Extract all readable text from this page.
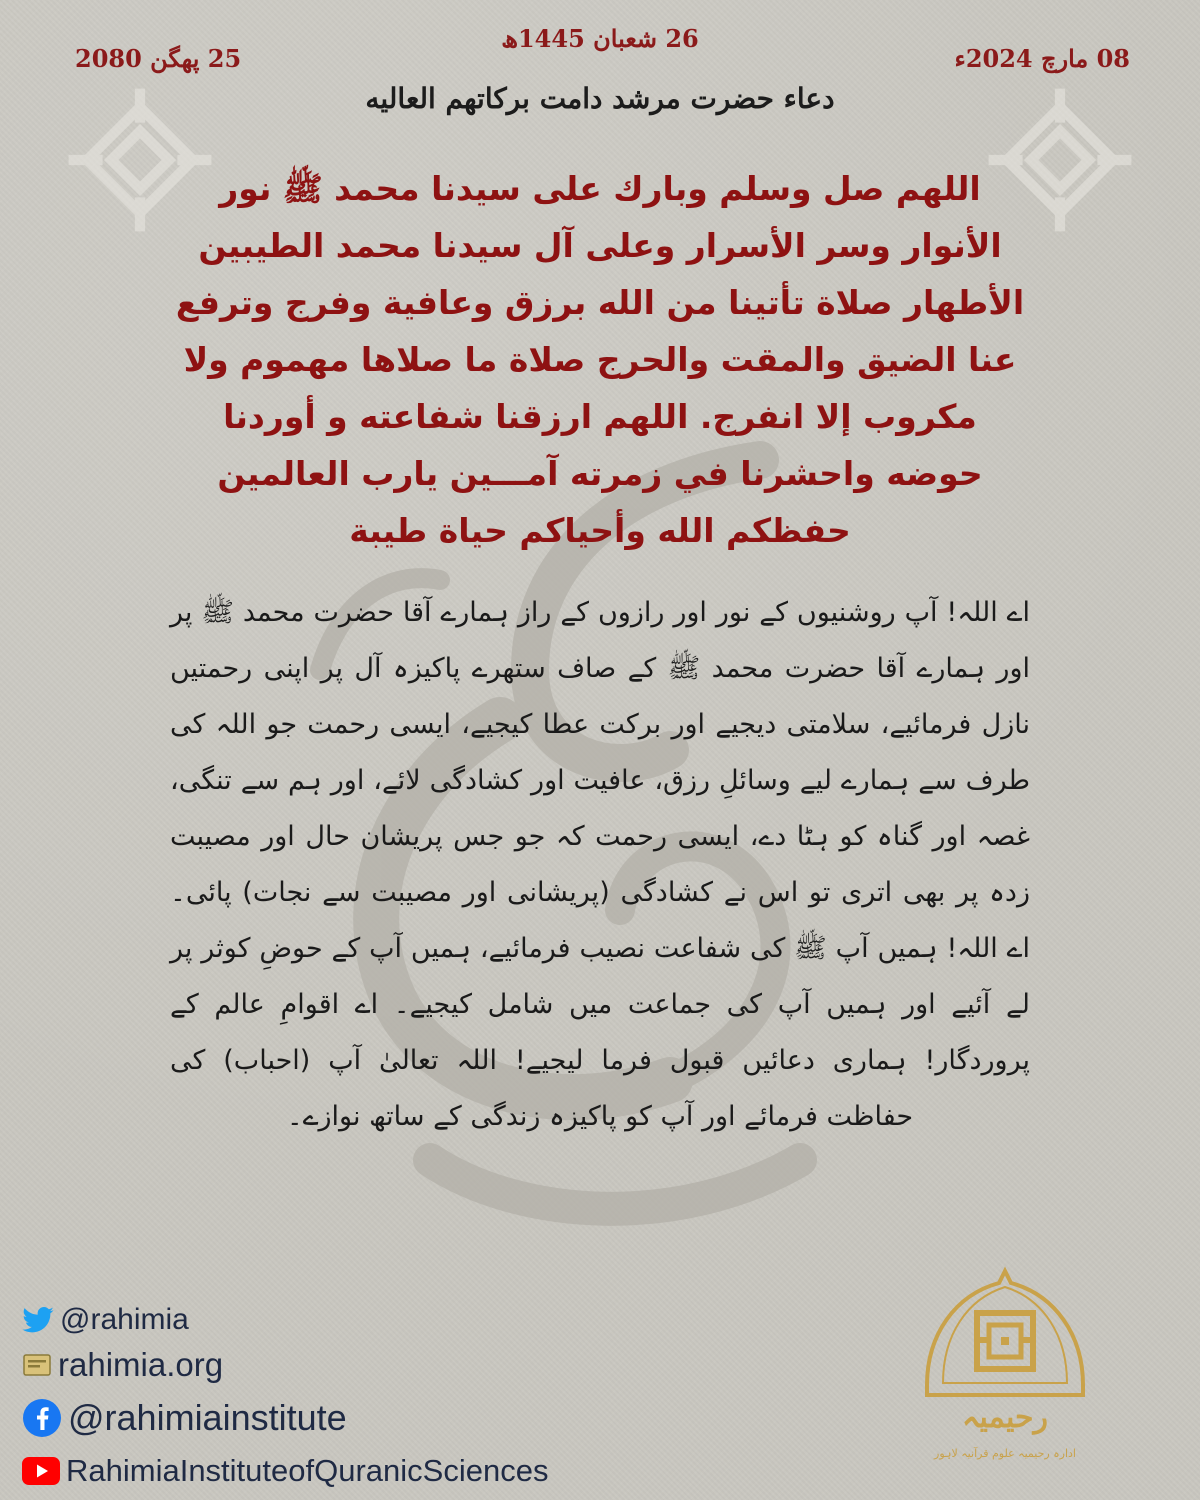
26 شعبان 1445ھ
08 مارچ 2024ء
25 پھگن 2080
دعاء حضرت مرشد دامت برکاتھم العالیه
اللهم صل وسلم وبارك على سيدنا محمد ﷺ نور الأنوار وسر الأسرار وعلى آل سيدنا محمد الطيبين الأطهار صلاة تأتينا من الله برزق وعافية وفرج وترفع عنا الضيق والمقت والحرج صلاة ما صلاها مهموم ولا مكروب إلا انفرج. اللهم ارزقنا شفاعته و أوردنا حوضه واحشرنا في زمرته آمـــين يارب العالمين حفظكم الله وأحياكم حياة طيبة
اے اللہ! آپ روشنیوں کے نور اور رازوں کے راز ہمارے آقا حضرت محمد ﷺ پر اور ہمارے آقا حضرت محمد ﷺ کے صاف ستھرے پاکیزہ آل پر اپنی رحمتیں نازل فرمائیے، سلامتی دیجیے اور برکت عطا کیجیے، ایسی رحمت جو اللہ کی طرف سے ہمارے لیے وسائلِ رزق، عافیت اور کشادگی لائے، اور ہم سے تنگی، غصہ اور گناہ کو ہٹا دے، ایسی رحمت کہ جو جس پریشان حال اور مصیبت زدہ پر بھی اتری تو اس نے کشادگی (پریشانی اور مصیبت سے نجات) پائی۔ اے اللہ! ہمیں آپ ﷺ کی شفاعت نصیب فرمائیے، ہمیں آپ کے حوضِ کوثر پر لے آئیے اور ہمیں آپ کی جماعت میں شامل کیجیے۔ اے اقوامِ عالم کے پروردگار! ہماری دعائیں قبول فرما لیجیے! اللہ تعالیٰ آپ (احباب) کی حفاظت فرمائے اور آپ کو پاکیزہ زندگی کے ساتھ نوازے۔
@rahimia
rahimia.org
@rahimiainstitute
RahimiaInstituteofQuranicSciences
رحیمیہ
ادارہ رحیمیہ علوم قرآنیہ لاہور
